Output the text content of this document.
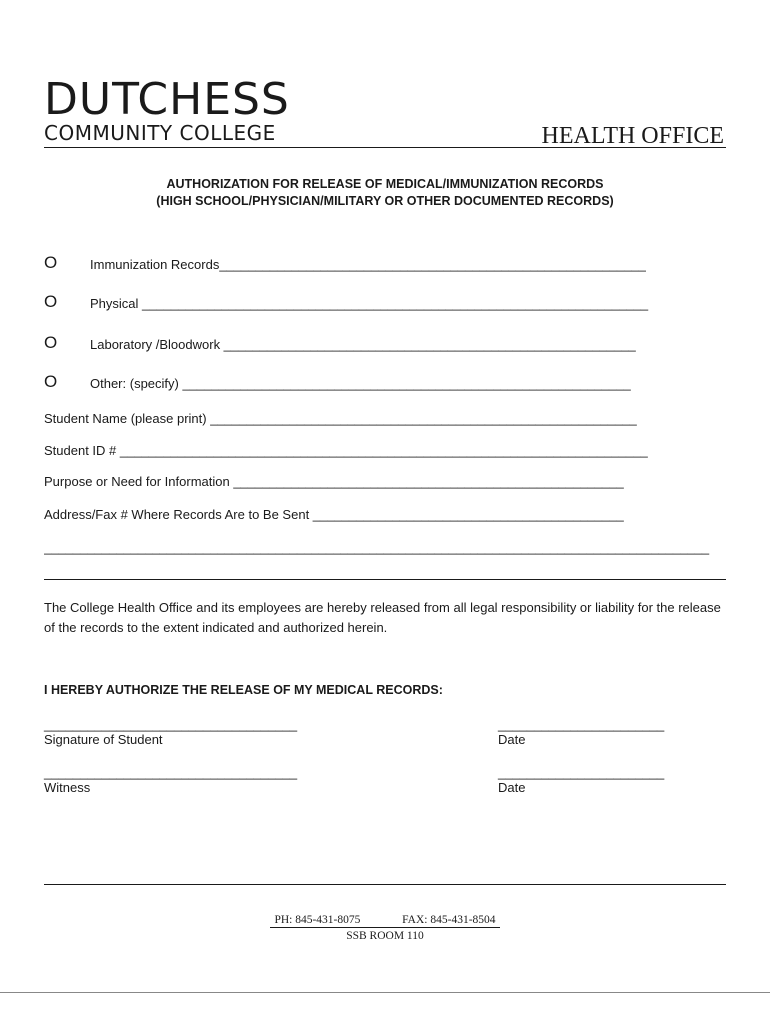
DUTCHESS
COMMUNITY COLLEGE	HEALTH OFFICE
AUTHORIZATION FOR RELEASE OF MEDICAL/IMMUNIZATION RECORDS
(HIGH SCHOOL/PHYSICIAN/MILITARY OR OTHER DOCUMENTED RECORDS)
O	Immunization Records___________________________________________________________
O	Physical ______________________________________________________________________
O	Laboratory /Bloodwork _________________________________________________________
O	Other: (specify) ______________________________________________________________
Student Name (please print) ___________________________________________________________
Student ID # _________________________________________________________________________
Purpose or Need for Information ______________________________________________________
Address/Fax # Where Records Are to Be Sent ___________________________________________
____________________________________________________________________________________________
The College Health Office and its employees are hereby released from all legal responsibility or liability for the release of the records to the extent indicated and authorized herein.
I HEREBY AUTHORIZE THE RELEASE OF MY MEDICAL RECORDS:
___________________________________
Signature of Student
_______________________
Date
___________________________________
Witness
_______________________
Date
PH: 845-431-8075	FAX: 845-431-8504
SSB ROOM 110
